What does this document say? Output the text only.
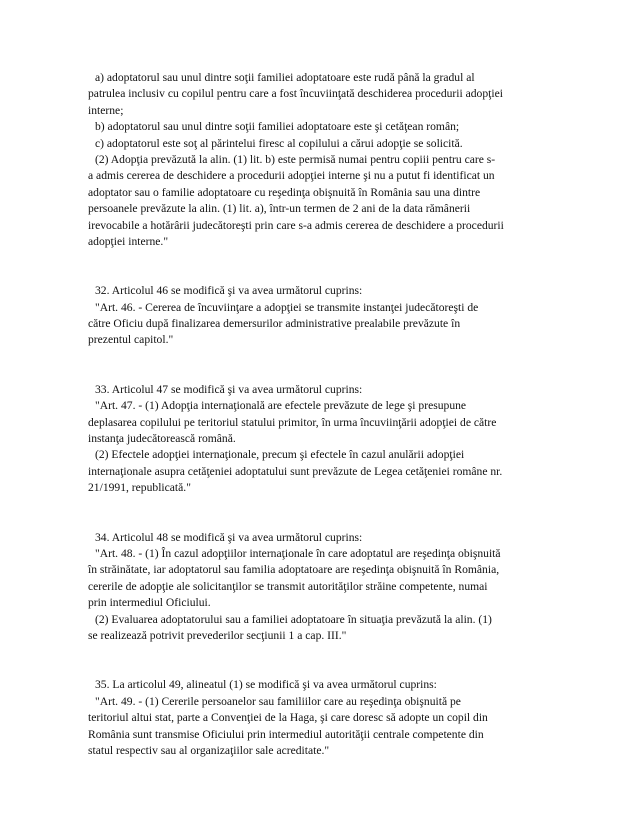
a) adoptatorul sau unul dintre soţii familiei adoptatoare este rudă până la gradul al
patrulea inclusiv cu copilul pentru care a fost încuviinţată deschiderea procedurii adopţiei
interne;
b) adoptatorul sau unul dintre soţii familiei adoptatoare este şi cetăţean român;
c) adoptatorul este soţ al părintelui firesc al copilului a cărui adopţie se solicită.
(2) Adopţia prevăzută la alin. (1) lit. b) este permisă numai pentru copiii pentru care s-
a admis cererea de deschidere a procedurii adopţiei interne şi nu a putut fi identificat un
adoptator sau o familie adoptatoare cu reşedinţa obişnuită în România sau una dintre
persoanele prevăzute la alin. (1) lit. a), într-un termen de 2 ani de la data rămânerii
irevocabile a hotărârii judecătoreşti prin care s-a admis cererea de deschidere a procedurii
adopţiei interne."
32. Articolul 46 se modifică şi va avea următorul cuprins:
"Art. 46. - Cererea de încuviinţare a adopţiei se transmite instanţei judecătoreşti de
către Oficiu după finalizarea demersurilor administrative prealabile prevăzute în
prezentul capitol."
33. Articolul 47 se modifică şi va avea următorul cuprins:
"Art. 47. - (1) Adopţia internaţională are efectele prevăzute de lege şi presupune
deplasarea copilului pe teritoriul statului primitor, în urma încuviinţării adopţiei de către
instanţa judecătorească română.
(2) Efectele adopţiei internaţionale, precum şi efectele în cazul anulării adopţiei
internaţionale asupra cetăţeniei adoptatului sunt prevăzute de Legea cetăţeniei române nr.
21/1991, republicată."
34. Articolul 48 se modifică şi va avea următorul cuprins:
"Art. 48. - (1) În cazul adopţiilor internaţionale în care adoptatul are reşedinţa obişnuită
în străinătate, iar adoptatorul sau familia adoptatoare are reşedinţa obişnuită în România,
cererile de adopţie ale solicitanţilor se transmit autorităţilor străine competente, numai
prin intermediul Oficiului.
(2) Evaluarea adoptatorului sau a familiei adoptatoare în situaţia prevăzută la alin. (1)
se realizează potrivit prevederilor secţiunii 1 a cap. III."
35. La articolul 49, alineatul (1) se modifică şi va avea următorul cuprins:
"Art. 49. - (1) Cererile persoanelor sau familiilor care au reşedinţa obişnuită pe
teritoriul altui stat, parte a Convenţiei de la Haga, şi care doresc să adopte un copil din
România sunt transmise Oficiului prin intermediul autorităţii centrale competente din
statul respectiv sau al organizaţiilor sale acreditate."
